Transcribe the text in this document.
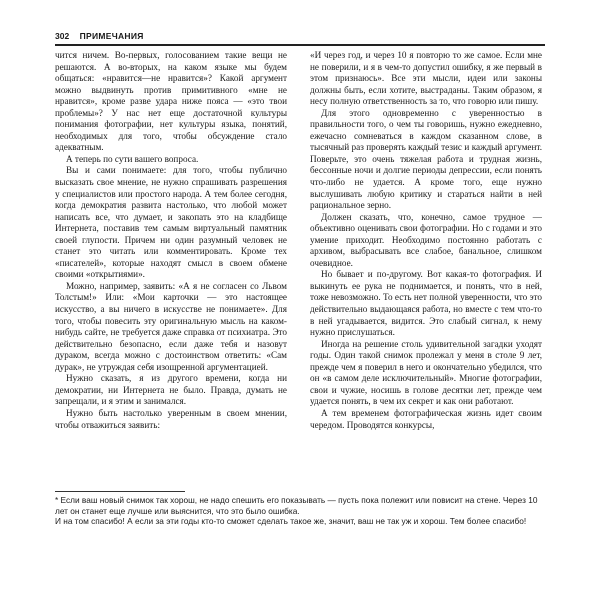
302 ПРИМЕЧАНИЯ

чится ничем. Во-первых, голосованием такие вещи не решаются. А во-вторых, на каком языке мы будем общаться: «нравится—не нравится»? Какой аргумент можно выдвинуть против примитивного «мне не нравится», кроме разве удара ниже пояса — «это твои проблемы»? У нас нет еще достаточной культуры понимания фотографии, нет культуры языка, понятий, необходимых для того, чтобы обсуждение стало адекватным.

А теперь по сути вашего вопроса.

Вы и сами понимаете: для того, чтобы публично высказать свое мнение, не нужно спрашивать разрешения у специалистов или простого народа. А тем более сегодня, когда демократия развита настолько, что любой может написать все, что думает, и закопать это на кладбище Интернета, поставив тем самым виртуальный памятник своей глупости. Причем ни один разумный человек не станет это читать или комментировать. Кроме тех «писателей», которые находят смысл в своем обмене своими «открытиями».

Можно, например, заявить: «А я не согласен со Львом Толстым!» Или: «Мои карточки — это настоящее искусство, а вы ничего в искусстве не понимаете». Для того, чтобы повесить эту оригинальную мысль на каком-нибудь сайте, не требуется даже справка от психиатра. Это действительно безопасно, если даже тебя и назовут дураком, всегда можно с достоинством ответить: «Сам дурак», не утруждая себя изощренной аргументацией.

Нужно сказать, я из другого времени, когда ни демократии, ни Интернета не было. Правда, думать не запрещали, и я этим и занимался.

Нужно быть настолько уверенным в своем мнении, чтобы отважиться заявить:

«И через год, и через 10 я повторю то же самое. Если мне не поверили, и я в чем-то допустил ошибку, я же первый в этом признаюсь». Все эти мысли, идеи или законы должны быть, если хотите, выстраданы. Таким образом, я несу полную ответственность за то, что говорю или пишу.

Для этого одновременно с уверенностью в правильности того, о чем ты говоришь, нужно ежедневно, ежечасно сомневаться в каждом сказанном слове, в тысячный раз проверять каждый тезис и каждый аргумент. Поверьте, это очень тяжелая работа и трудная жизнь, бессонные ночи и долгие периоды депрессии, если понять что-либо не удается. А кроме того, еще нужно выслушивать любую критику и стараться найти в ней рациональное зерно.

Должен сказать, что, конечно, самое трудное — объективно оценивать свои фотографии. Но с годами и это умение приходит. Необходимо постоянно работать с архивом, выбрасывать все слабое, банальное, слишком очевидное.

Но бывает и по-другому. Вот какая-то фотография. И выкинуть ее рука не поднимается, и понять, что в ней, тоже невозможно. То есть нет полной уверенности, что это действительно выдающаяся работа, но вместе с тем что-то в ней угадывается, видится. Это слабый сигнал, к нему нужно прислушаться.

Иногда на решение столь удивительной загадки уходят годы. Один такой снимок пролежал у меня в столе 9 лет, прежде чем я поверил в него и окончательно убедился, что он «в самом деле исключительный». Многие фотографии, свои и чужие, носишь в голове десятки лет, прежде чем удается понять, в чем их секрет и как они работают.

А тем временем фотографическая жизнь идет своим чередом. Проводятся конкурсы,

* Если ваш новый снимок так хорош, не надо спешить его показывать — пусть пока полежит или повисит на стене. Через 10 лет он станет еще лучше или выяснится, что это было ошибка.

И на том спасибо! А если за эти годы кто-то сможет сделать такое же, значит, ваш не так уж и хорош. Тем более спасибо!
